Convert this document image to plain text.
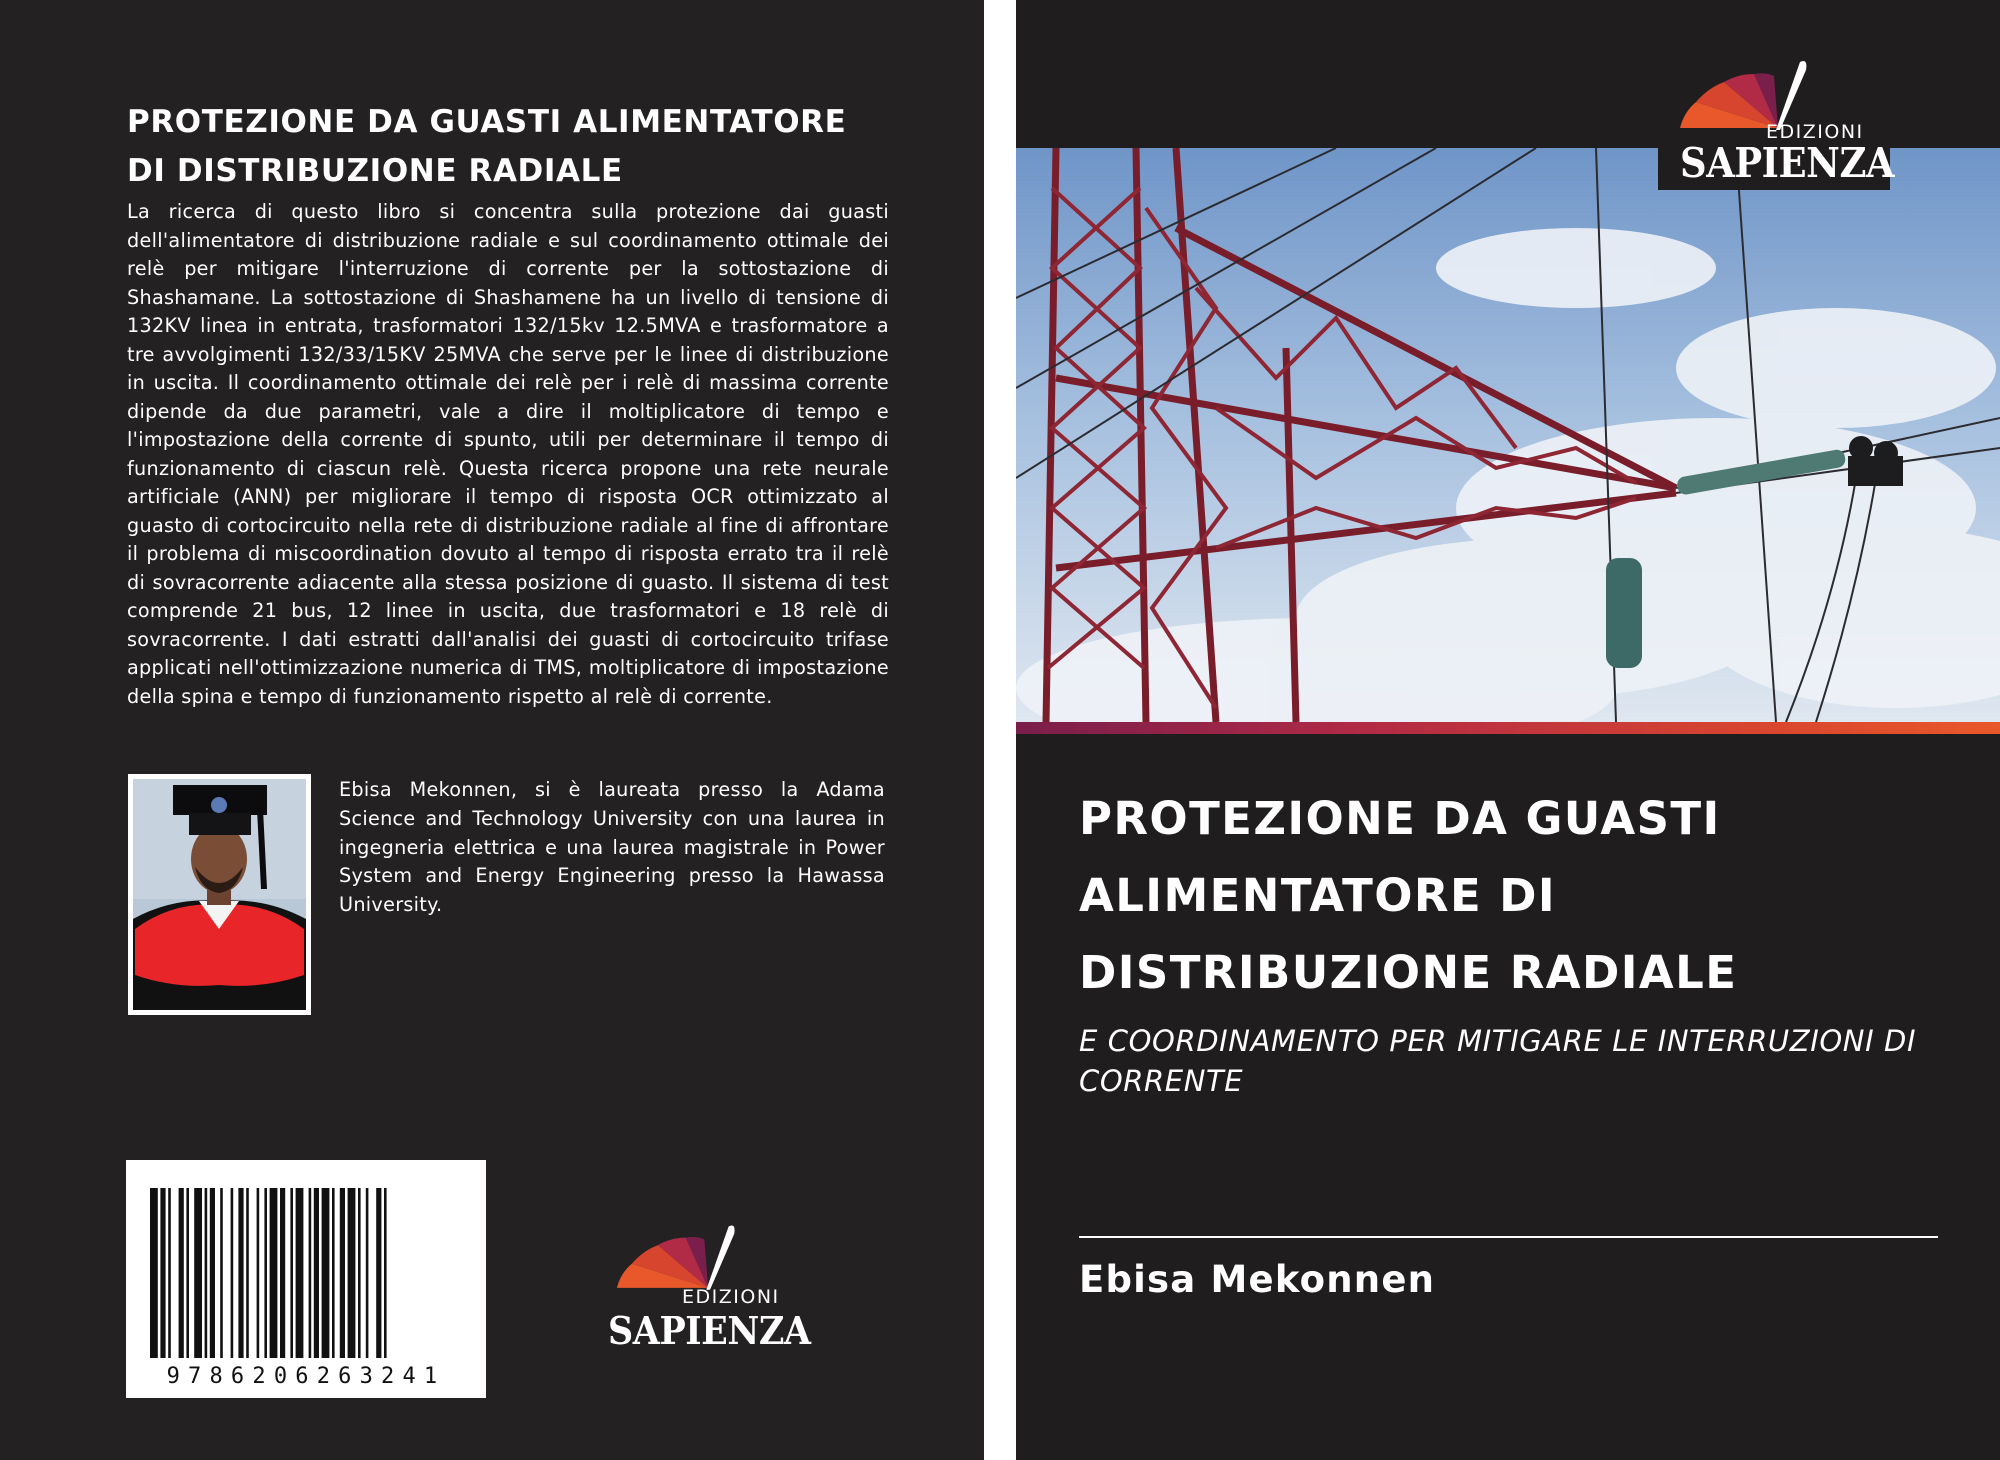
PROTEZIONE DA GUASTI ALIMENTATORE DI DISTRIBUZIONE RADIALE

La ricerca di questo libro si concentra sulla protezione dai guasti dell'alimentatore di distribuzione radiale e sul coordinamento ottimale dei relè per mitigare l'interruzione di corrente per la sottostazione di Shashamane. La sottostazione di Shashamene ha un livello di tensione di 132KV linea in entrata, trasformatori 132/15kv 12.5MVA e trasformatore a tre avvolgimenti 132/33/15KV 25MVA che serve per le linee di distribuzione in uscita. Il coordinamento ottimale dei relè per i relè di massima corrente dipende da due parametri, vale a dire il moltiplicatore di tempo e l'impostazione della corrente di spunto, utili per determinare il tempo di funzionamento di ciascun relè. Questa ricerca propone una rete neurale artificiale (ANN) per migliorare il tempo di risposta OCR ottimizzato al guasto di cortocircuito nella rete di distribuzione radiale al fine di affrontare il problema di miscoordination dovuto al tempo di risposta errato tra il relè di sovracorrente adiacente alla stessa posizione di guasto. Il sistema di test comprende 21 bus, 12 linee in uscita, due trasformatori e 18 relè di sovracorrente. I dati estratti dall'analisi dei guasti di cortocircuito trifase applicati nell'ottimizzazione numerica di TMS, moltiplicatore di impostazione della spina e tempo di funzionamento rispetto al relè di corrente.

Ebisa Mekonnen, si è laureata presso la Adama Science and Technology University con una laurea in ingegneria elettrica e una laurea magistrale in Power System and Energy Engineering presso la Hawassa University.

9786206263241
EDIZIONI
SAPIENZA
EDIZIONI
SAPIENZA
PROTEZIONE DA GUASTI ALIMENTATORE DI DISTRIBUZIONE RADIALE

E COORDINAMENTO PER MITIGARE LE INTERRUZIONI DI CORRENTE

Ebisa Mekonnen
